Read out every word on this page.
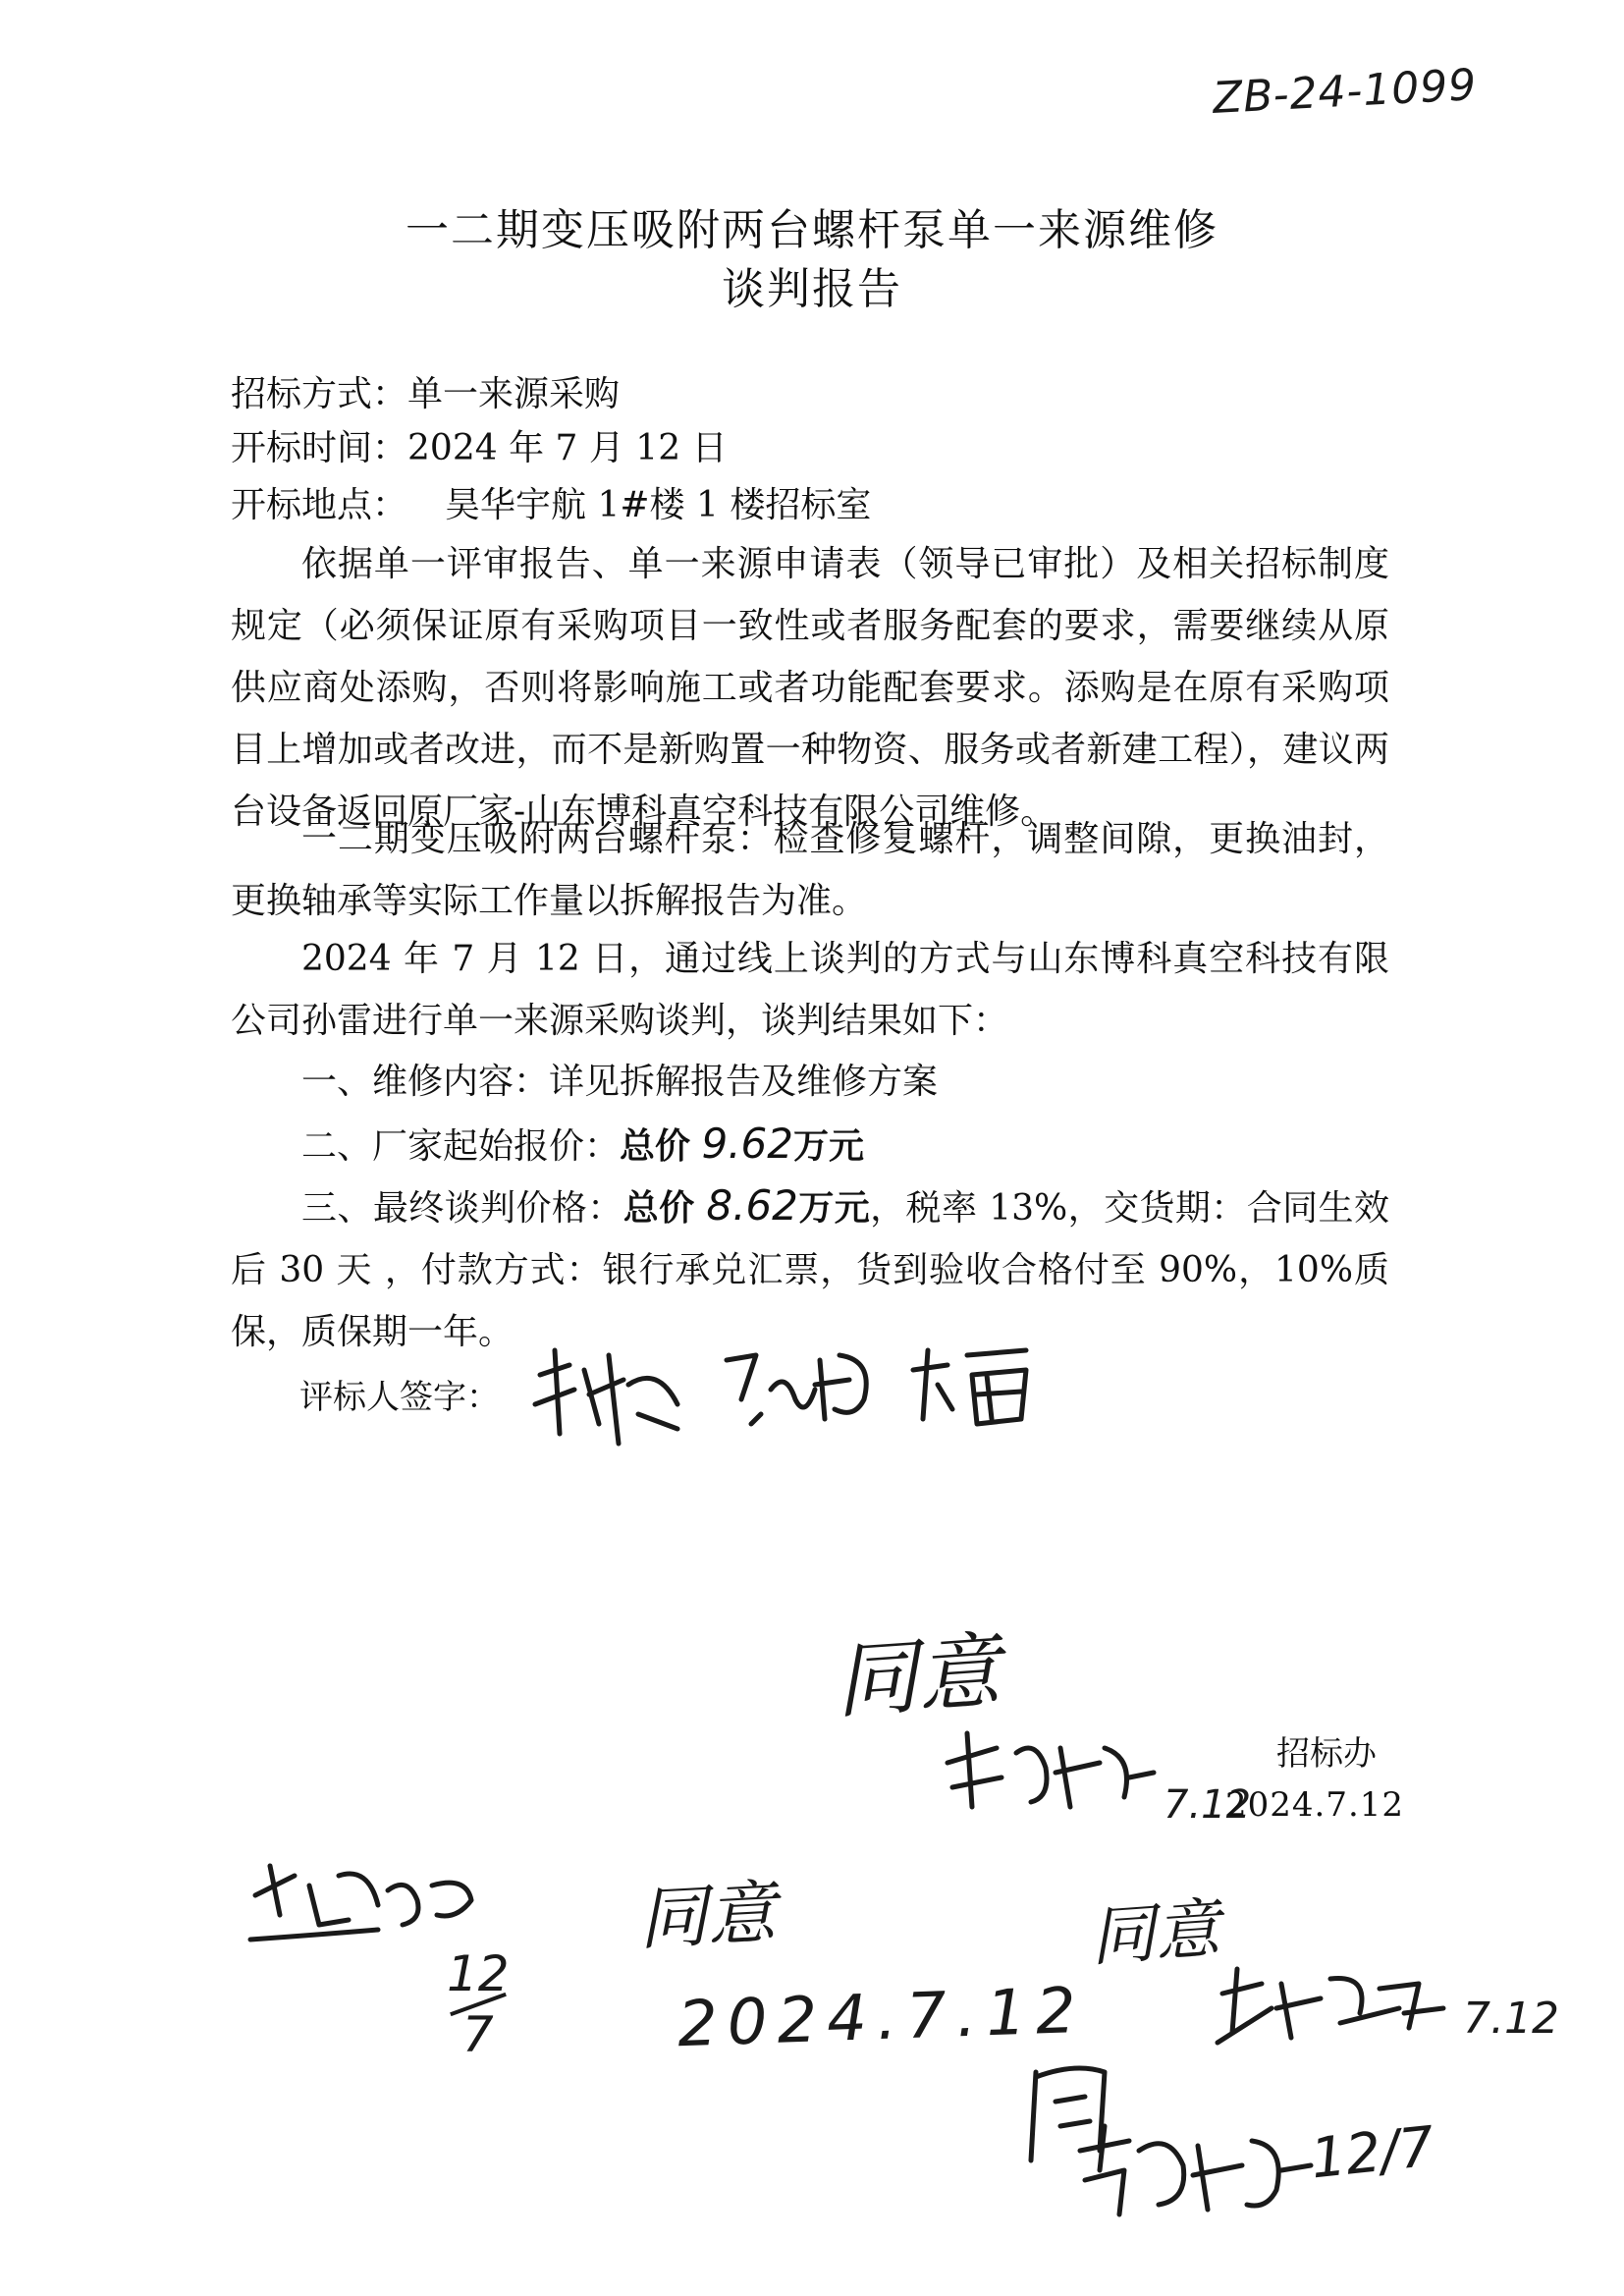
ZB-24-1099
一二期变压吸附两台螺杆泵单一来源维修
谈判报告
招标方式：单一来源采购
开标时间：2024 年 7 月 12 日
开标地点： 昊华宇航 1#楼 1 楼招标室

依据单一评审报告、单一来源申请表（领导已审批）及相关招标制度规定（必须保证原有采购项目一致性或者服务配套的要求，需要继续从原供应商处添购，否则将影响施工或者功能配套要求。添购是在原有采购项目上增加或者改进，而不是新购置一种物资、服务或者新建工程），建议两台设备返回原厂家-山东博科真空科技有限公司维修。

一二期变压吸附两台螺杆泵：检查修复螺杆，调整间隙，更换油封，更换轴承等实际工作量以拆解报告为准。

2024 年 7 月 12 日，通过线上谈判的方式与山东博科真空科技有限公司孙雷进行单一来源采购谈判，谈判结果如下：

一、维修内容：详见拆解报告及维修方案
二、厂家起始报价：总价 9.62万元

三、最终谈判价格：总价 8.62万元，税率 13%，交货期：合同生效后 30 天 ，付款方式：银行承兑汇票，货到验收合格付至 90%，10%质保，质保期一年。

评标人签字：
同意
7.12
招标办
2024.7.12
12
7
同意
2024.7.12
同意
7.12
12/7
